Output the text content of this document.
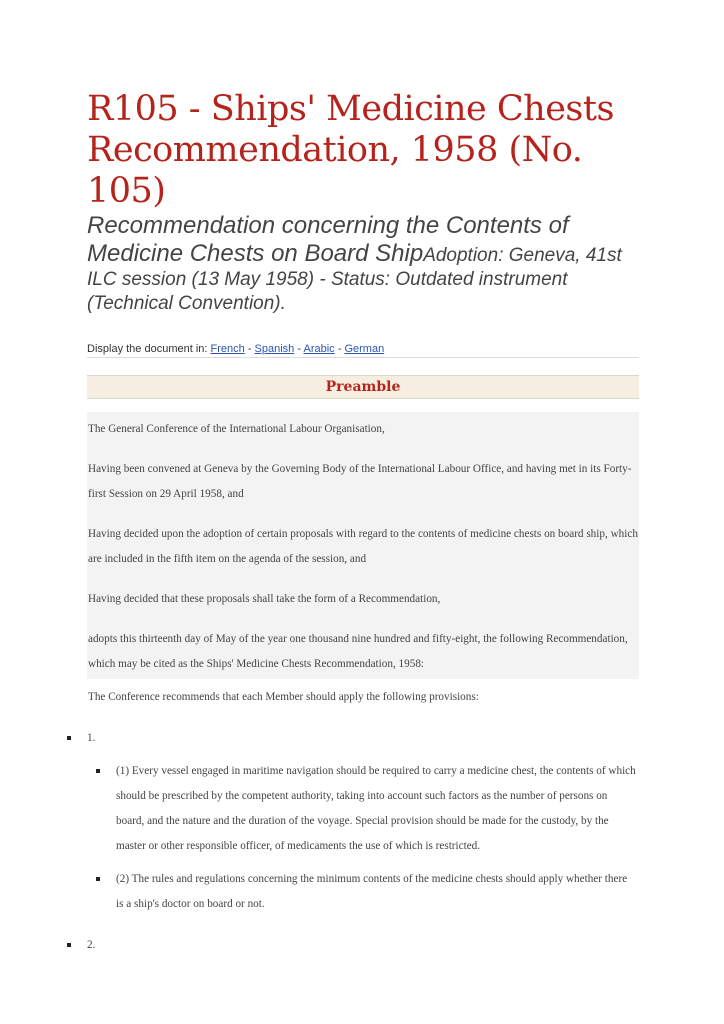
R105 - Ships' Medicine Chests Recommendation, 1958 (No. 105)

Recommendation concerning the Contents of Medicine Chests on Board ShipAdoption: Geneva, 41st ILC session (13 May 1958) - Status: Outdated instrument (Technical Convention).

Display the document in: French - Spanish - Arabic - German
Preamble

The General Conference of the International Labour Organisation,

Having been convened at Geneva by the Governing Body of the International Labour Office, and having met in its Forty-first Session on 29 April 1958, and

Having decided upon the adoption of certain proposals with regard to the contents of medicine chests on board ship, which are included in the fifth item on the agenda of the session, and

Having decided that these proposals shall take the form of a Recommendation,

adopts this thirteenth day of May of the year one thousand nine hundred and fifty-eight, the following Recommendation, which may be cited as the Ships' Medicine Chests Recommendation, 1958:

The Conference recommends that each Member should apply the following provisions:

1.
(1) Every vessel engaged in maritime navigation should be required to carry a medicine chest, the contents of which should be prescribed by the competent authority, taking into account such factors as the number of persons on board, and the nature and the duration of the voyage. Special provision should be made for the custody, by the master or other responsible officer, of medicaments the use of which is restricted.
(2) The rules and regulations concerning the minimum contents of the medicine chests should apply whether there is a ship's doctor on board or not.
2.
